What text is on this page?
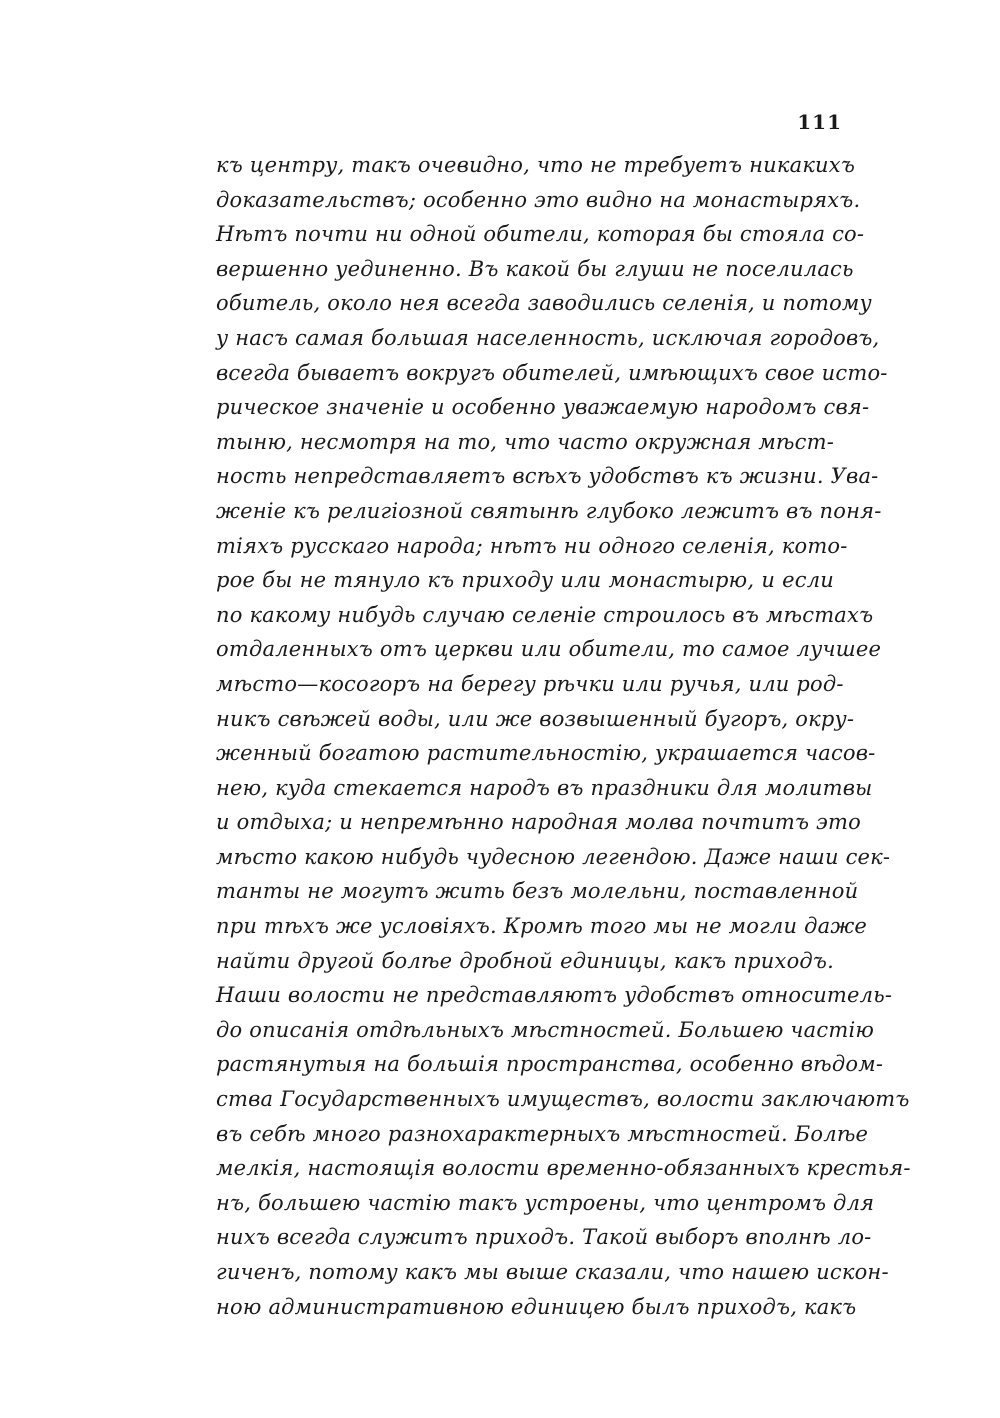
111
къ центру, такъ очевидно, что не требуетъ никакихъ
доказательствъ; особенно это видно на монастыряхъ.
Нѣтъ почти ни одной обители, которая бы стояла со-
вершенно уединенно. Въ какой бы глуши не поселилась
обитель, около нея всегда заводились селенія, и потому
у насъ самая большая населенность, исключая городовъ,
всегда бываетъ вокругъ обителей, имѣющихъ свое исто-
рическое значеніе и особенно уважаемую народомъ свя-
тыню, несмотря на то, что часто окружная мѣст-
ность непредставляетъ всѣхъ удобствъ къ жизни. Ува-
женіе къ религіозной святынѣ глубоко лежитъ въ поня-
тіяхъ русскаго народа; нѣтъ ни одного селенія, кото-
рое бы не тянуло къ приходу или монастырю, и если
по какому нибудь случаю селеніе строилось въ мѣстахъ
отдаленныхъ отъ церкви или обители, то самое лучшее
мѣсто—косогоръ на берегу рѣчки или ручья, или род-
никъ свѣжей воды, или же возвышенный бугоръ, окру-
женный богатою растительностію, украшается часов-
нею, куда стекается народъ въ праздники для молитвы
и отдыха; и непремѣнно народная молва почтитъ это
мѣсто какою нибудь чудесною легендою. Даже наши сек-
танты не могутъ жить безъ молельни, поставленной
при тѣхъ же условіяхъ. Кромѣ того мы не могли даже
найти другой болѣе дробной единицы, какъ приходъ.
Наши волости не представляютъ удобствъ относитель-
до описанія отдѣльныхъ мѣстностей. Большею частію
растянутыя на большія пространства, особенно вѣдом-
ства Государственныхъ имуществъ, волости заключаютъ
въ себѣ много разнохарактерныхъ мѣстностей. Болѣе
мелкія, настоящія волости временно-обязанныхъ крестья-
нъ, большею частію такъ устроены, что центромъ для
нихъ всегда служитъ приходъ. Такой выборъ вполнѣ ло-
гиченъ, потому какъ мы выше сказали, что нашею искон-
ною административною единицею былъ приходъ, какъ
